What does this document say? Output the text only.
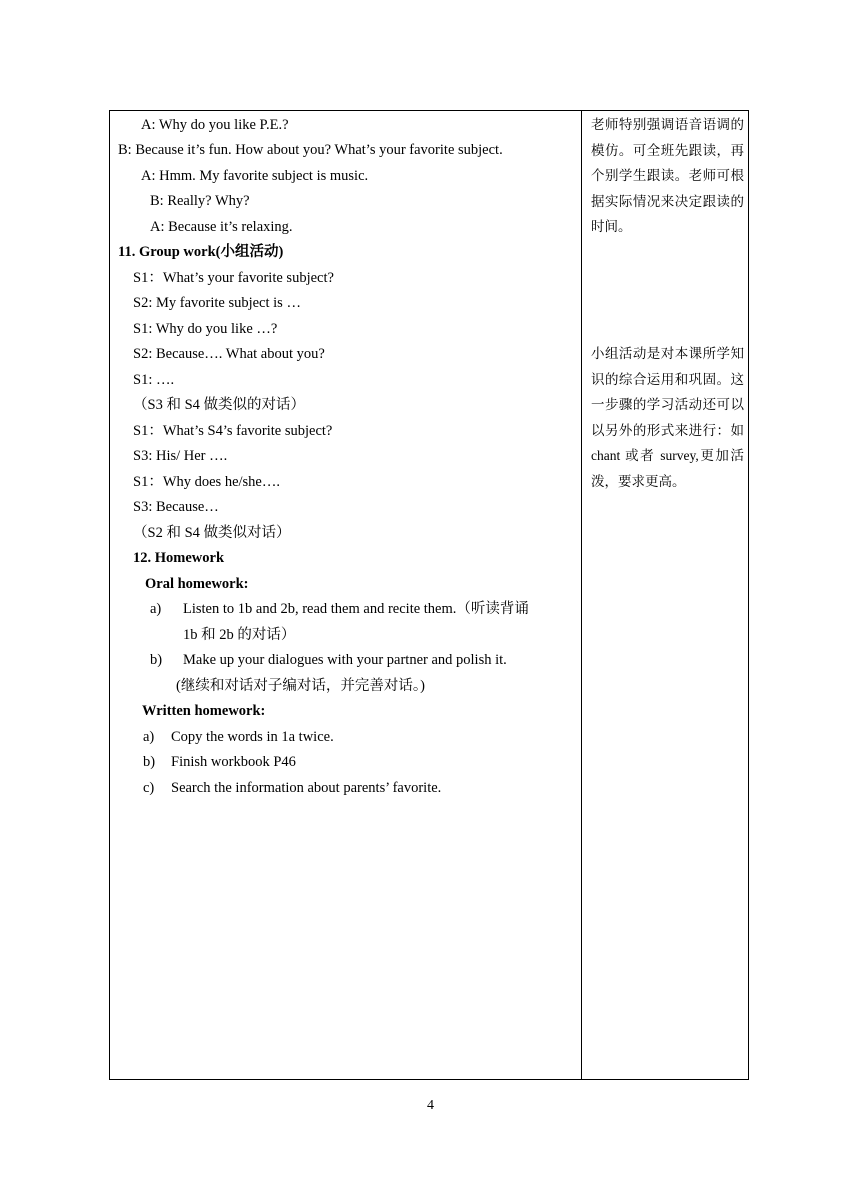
A: Why do you like P.E.?
B: Because it’s fun. How about you? What’s your favorite subject.
A: Hmm. My favorite subject is music.
B: Really? Why?
A: Because it’s relaxing.
11. Group work(小组活动)
S1：What’s your favorite subject?
S2: My favorite subject is …
S1: Why do you like …?
S2: Because…. What about you?
S1: ….
（S3 和 S4 做类似的对话）
S1：What’s S4’s favorite subject?
S3: His/ Her ….
S1：Why does he/she….
S3: Because…
（S2 和 S4 做类似对话）
12. Homework
Oral homework:
a) Listen to 1b and 2b, read them and recite them.（听读背诵
1b 和 2b 的对话）
b) Make up your dialogues with your partner and polish it.
(继续和对话对子编对话，并完善对话。)
Written homework:
a) Copy the words in 1a twice.
b) Finish workbook P46
c) Search the information about parents’ favorite.
老师特别强调语音语调的模仿。可全班先跟读，再个别学生跟读。老师可根据实际情况来决定跟读的时间。
小组活动是对本课所学知识的综合运用和巩固。这一步骤的学习活动还可以以另外的形式来进行：如 chant 或者 survey,更加活泼，要求更高。
4
